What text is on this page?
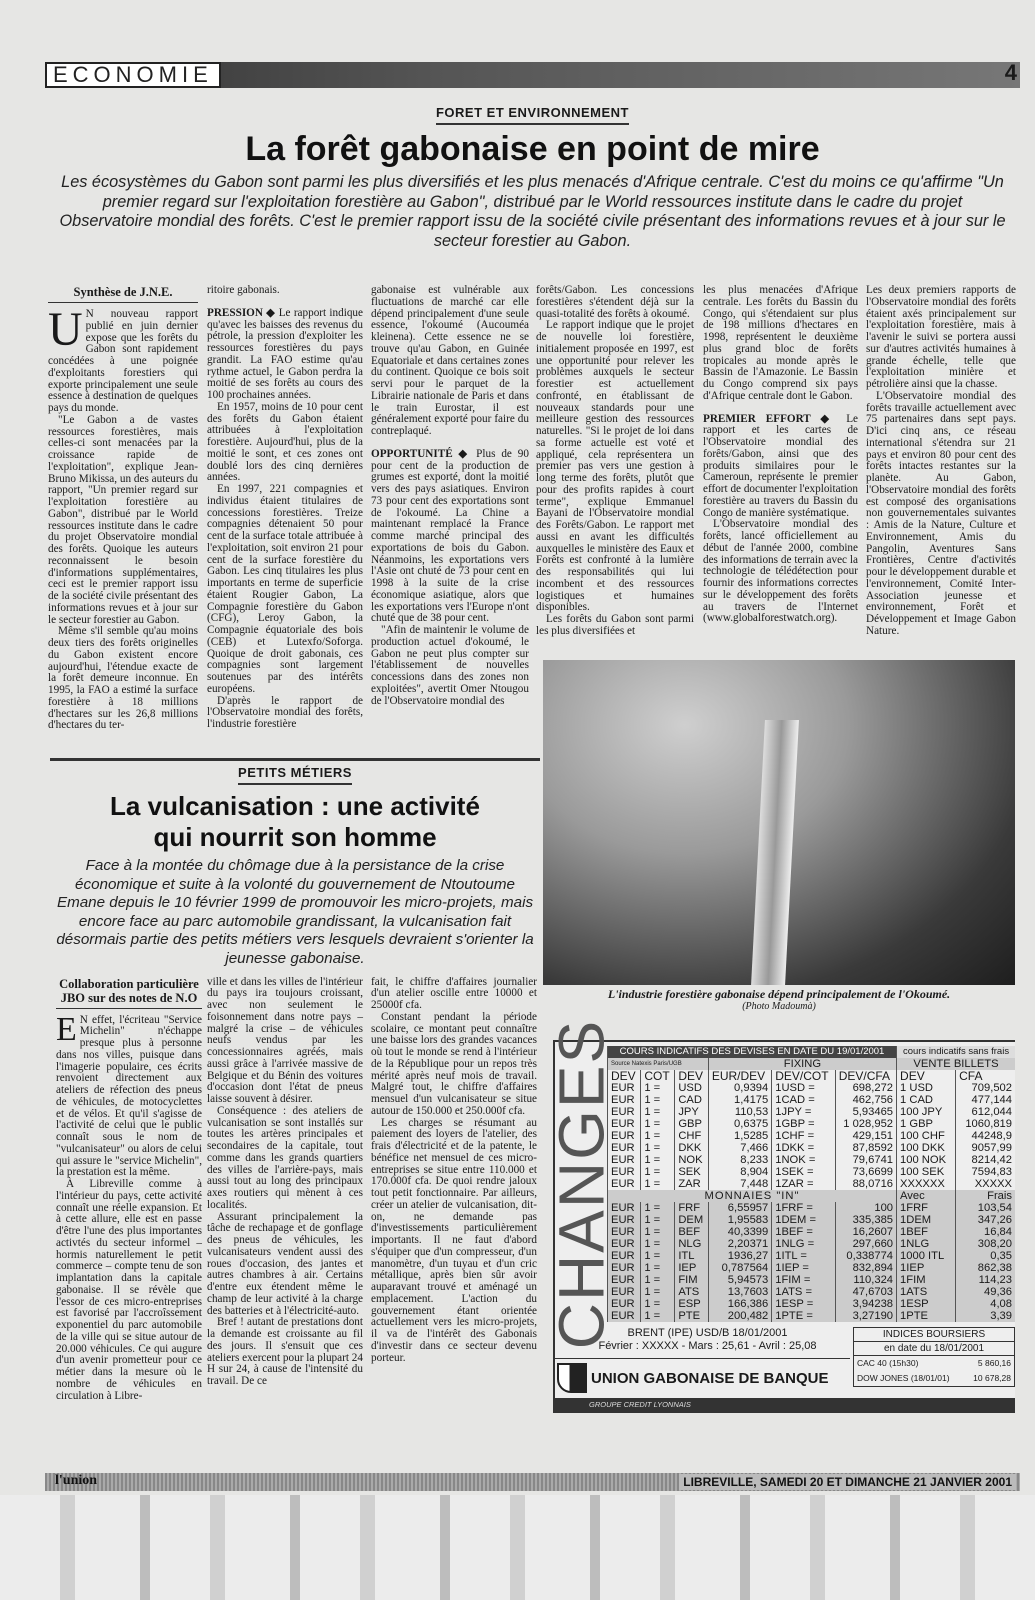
ECONOMIE	4
FORET ET ENVIRONNEMENT
La forêt gabonaise en point de mire
Les écosystèmes du Gabon sont parmi les plus diversifiés et les plus menacés d'Afrique centrale. C'est du moins ce qu'affirme "Un premier regard sur l'exploitation forestière au Gabon", distribué par le World ressources institute dans le cadre du projet Observatoire mondial des forêts. C'est le premier rapport issu de la société civile présentant des informations revues et à jour sur le secteur forestier au Gabon.
Synthèse de J.N.E.

U N nouveau rapport publié en juin dernier expose que les forêts du Gabon sont rapidement concédées à une poignée d'exploitants forestiers qui exporte principalement une seule essence à destination de quelques pays du monde.

"Le Gabon a de vastes ressources forestières, mais celles-ci sont menacées par la croissance rapide de l'exploitation", explique Jean-Bruno Mikissa, un des auteurs du rapport, "Un premier regard sur l'exploitation forestière au Gabon", distribué par le World ressources institute dans le cadre du projet Observatoire mondial des forêts. Quoique les auteurs reconnaissent le besoin d'informations supplémentaires, ceci est le premier rapport issu de la société civile présentant des informations revues et à jour sur le secteur forestier au Gabon.

Même s'il semble qu'au moins deux tiers des forêts originelles du Gabon existent encore aujourd'hui, l'étendue exacte de la forêt demeure inconnue. En 1995, la FAO a estimé la surface forestière à 18 millions d'hectares sur les 26,8 millions d'hectares du ter-

ritoire gabonais.

PRESSION ◆ Le rapport indique qu'avec les baisses des revenus du pétrole, la pression d'exploiter les ressources forestières du pays grandit. La FAO estime qu'au rythme actuel, le Gabon perdra la moitié de ses forêts au cours des 100 prochaines années.

En 1957, moins de 10 pour cent des forêts du Gabon étaient attribuées à l'exploitation forestière. Aujourd'hui, plus de la moitié le sont, et ces zones ont doublé lors des cinq dernières années.

En 1997, 221 compagnies et individus étaient titulaires de concessions forestières. Treize compagnies détenaient 50 pour cent de la surface totale attribuée à l'exploitation, soit environ 21 pour cent de la surface forestière du Gabon. Les cinq titulaires les plus importants en terme de superficie étaient Rougier Gabon, La Compagnie forestière du Gabon (CFG), Leroy Gabon, la Compagnie équatoriale des bois (CEB) et Lutexfo/Soforga. Quoique de droit gabonais, ces compagnies sont largement soutenues par des intérêts européens.

D'après le rapport de l'Observatoire mondial des forêts, l'industrie forestière

gabonaise est vulnérable aux fluctuations de marché car elle dépend principalement d'une seule essence, l'okoumé (Aucouméa kleinena). Cette essence ne se trouve qu'au Gabon, en Guinée Equatoriale et dans certaines zones du continent. Quoique ce bois soit servi pour le parquet de la Librairie nationale de Paris et dans le train Eurostar, il est généralement exporté pour faire du contreplaqué.

OPPORTUNITÉ ◆ Plus de 90 pour cent de la production de grumes est exporté, dont la moitié vers des pays asiatiques. Environ 73 pour cent des exportations sont de l'okoumé. La Chine a maintenant remplacé la France comme marché principal des exportations de bois du Gabon. Néanmoins, les exportations vers l'Asie ont chuté de 73 pour cent en 1998 à la suite de la crise économique asiatique, alors que les exportations vers l'Europe n'ont chuté que de 38 pour cent.

"Afin de maintenir le volume de production actuel d'okoumé, le Gabon ne peut plus compter sur l'établissement de nouvelles concessions dans des zones non exploitées", avertit Omer Ntougou de l'Observatoire mondial des

forêts/Gabon. Les concessions forestières s'étendent déjà sur la quasi-totalité des forêts à okoumé.

Le rapport indique que le projet de nouvelle loi forestière, initialement proposée en 1997, est une opportunité pour relever les problèmes auxquels le secteur forestier est actuellement confronté, en établissant de nouveaux standards pour une meilleure gestion des ressources naturelles. "Si le projet de loi dans sa forme actuelle est voté et appliqué, cela représentera un premier pas vers une gestion à long terme des forêts, plutôt que pour des profits rapides à court terme", explique Emmanuel Bayani de l'Observatoire mondial des Forêts/Gabon. Le rapport met aussi en avant les difficultés auxquelles le ministère des Eaux et Forêts est confronté à la lumière des responsabilités qui lui incombent et des ressources logistiques et humaines disponibles.

Les forêts du Gabon sont parmi les plus diversifiées et

les plus menacées d'Afrique centrale. Les forêts du Bassin du Congo, qui s'étendaient sur plus de 198 millions d'hectares en 1998, représentent le deuxième plus grand bloc de forêts tropicales au monde après le Bassin de l'Amazonie. Le Bassin du Congo comprend six pays d'Afrique centrale dont le Gabon.

PREMIER EFFORT ◆ Le rapport et les cartes de l'Observatoire mondial des forêts/Gabon, ainsi que des produits similaires pour le Cameroun, représente le premier effort de documenter l'exploitation forestière au travers du Bassin du Congo de manière systématique.

L'Observatoire mondial des forêts, lancé officiellement au début de l'année 2000, combine des informations de terrain avec la technologie de télédétection pour fournir des informations correctes sur le développement des forêts au travers de l'Internet (www.globalforestwatch.org).

Les deux premiers rapports de l'Observatoire mondial des forêts étaient axés principalement sur l'exploitation forestière, mais à l'avenir le suivi se portera aussi sur d'autres activités humaines à grande échelle, telle que l'exploitation minière et pétrolière ainsi que la chasse.

L'Observatoire mondial des forêts travaille actuellement avec 75 partenaires dans sept pays. D'ici cinq ans, ce réseau international s'étendra sur 21 pays et environ 80 pour cent des forêts intactes restantes sur la planète. Au Gabon, l'Observatoire mondial des forêts est composé des organisations non gouvernementales suivantes : Amis de la Nature, Culture et Environnement, Amis du Pangolin, Aventures Sans Frontières, Centre d'activités pour le développement durable et l'environnement, Comité Inter-Association jeunesse et environnement, Forêt et Développement et Image Gabon Nature.

L'industrie forestière gabonaise dépend principalement de l'Okoumé.
(Photo Madoumà)
PETITS MÉTIERS
La vulcanisation : une activité
qui nourrit son homme
Face à la montée du chômage due à la persistance de la crise économique et suite à la volonté du gouvernement de Ntoutoume Emane depuis le 10 février 1999 de promouvoir les micro-projets, mais encore face au parc automobile grandissant, la vulcanisation fait désormais partie des petits métiers vers lesquels devraient s'orienter la jeunesse gabonaise.
Collaboration particulière JBO sur des notes de N.O

E N effet, l'écriteau "Service Michelin" n'échappe presque plus à personne dans nos villes, puisque dans l'imagerie populaire, ces écrits renvoient directement aux ateliers de réfection des pneus de véhicules, de motocyclettes et de vélos. Et qu'il s'agisse de l'activité de celui que le public connaît sous le nom de "vulcanisateur" ou alors de celui qui assure le "service Michelin", la prestation est la même.

À Libreville comme à l'intérieur du pays, cette activité connaît une réelle expansion. Et à cette allure, elle est en passe d'être l'une des plus importantes activtés du secteur informel – hormis naturellement le petit commerce – compte tenu de son implantation dans la capitale gabonaise. Il se révèle que l'essor de ces micro-entreprises est favorisé par l'accroîssement exponentiel du parc automobile de la ville qui se situe autour de 20.000 véhicules. Ce qui augure d'un avenir prometteur pour ce métier dans la mesure où le nombre de véhicules en circulation à Libre-

ville et dans les villes de l'intérieur du pays ira toujours croissant, avec non seulement le foisonnement dans notre pays – malgré la crise – de véhicules neufs vendus par les concessionnaires agréés, mais aussi grâce à l'arrivée massive de Belgique et du Bénin des voitures d'occasion dont l'état de pneus laisse souvent à désirer.

Conséquence : des ateliers de vulcanisation se sont installés sur toutes les artères principales et secondaires de la capitale, tout comme dans les grands quartiers des villes de l'arrière-pays, mais aussi tout au long des principaux axes routiers qui mènent à ces localités.

Assurant principalement la tâche de rechapage et de gonflage des pneus de véhicules, les vulcanisateurs vendent aussi des roues d'occasion, des jantes et autres chambres à air. Certains d'entre eux étendent même le champ de leur activité à la charge des batteries et à l'électricité-auto.

Bref ! autant de prestations dont la demande est croissante au fil des jours. Il s'ensuit que ces ateliers exercent pour la plupart 24 H sur 24, à cause de l'intensité du travail. De ce

fait, le chiffre d'affaires journalier d'un atelier oscille entre 10000 et 25000f cfa.

Constant pendant la période scolaire, ce montant peut connaître une baisse lors des grandes vacances où tout le monde se rend à l'intérieur de la République pour un repos très mérité après neuf mois de travail. Malgré tout, le chiffre d'affaires mensuel d'un vulcanisateur se situe autour de 150.000 et 250.000f cfa.

Les charges se résumant au paiement des loyers de l'atelier, des frais d'électricité et de la patente, le bénéfice net mensuel de ces micro-entreprises se situe entre 110.000 et 170.000f cfa. De quoi rendre jaloux tout petit fonctionnaire. Par ailleurs, créer un atelier de vulcanisation, dit-on, ne demande pas d'investissements particulièrement importants. Il ne faut d'abord s'équiper que d'un compresseur, d'un manomètre, d'un tuyau et d'un cric métallique, après bien sûr avoir auparavant trouvé et aménagé un emplacement. L'action du gouvernement étant orientée actuellement vers les micro-projets, il va de l'intérêt des Gabonais d'investir dans ce secteur devenu porteur.

CHANGES COURS INDICATIFS DES DEVISES EN DATE DU 19/01/2001						cours indicatifs sans frais	
Source Natexis Paris/UGB			FIXING			VENTE BILLETS	
DEV	COT	DEV	EUR/DEV	DEV/COT	DEV/CFA	DEV	CFA
EUR	1 =	USD	0,9394	1USD =	698,272	1 USD	709,502
EUR	1 =	CAD	1,4175	1CAD =	462,756	1 CAD	477,144
EUR	1 =	JPY	110,53	1JPY =	5,93465	100 JPY	612,044
EUR	1 =	GBP	0,6375	1GBP =	1 028,952	1 GBP	1060,819
EUR	1 =	CHF	1,5285	1CHF =	429,151	100 CHF	44248,9
EUR	1 =	DKK	7,466	1DKK =	87,8592	100 DKK	9057,99
EUR	1 =	NOK	8,233	1NOK =	79,6741	100 NOK	8214,42
EUR	1 =	SEK	8,904	1SEK =	73,6699	100 SEK	7594,83
EUR	1 =	ZAR	7,448	1ZAR =	88,0716	XXXXXX	XXXXX
MONNAIES "IN"						Avec	Frais
EUR	1 =	FRF	6,55957	1FRF =	100	1FRF	103,54
EUR	1 =	DEM	1,95583	1DEM =	335,385	1DEM	347,26
EUR	1 =	BEF	40,3399	1BEF =	16,2607	1BEF	16,84
EUR	1 =	NLG	2,20371	1NLG =	297,660	1NLG	308,20
EUR	1 =	ITL	1936,27	1ITL =	0,338774	1000 ITL	0,35
EUR	1 =	IEP	0,787564	1IEP =	832,894	1IEP	862,38
EUR	1 =	FIM	5,94573	1FIM =	110,324	1FIM	114,23
EUR	1 =	ATS	13,7603	1ATS =	47,6703	1ATS	49,36
EUR	1 =	ESP	166,386	1ESP =	3,94238	1ESP	4,08
EUR	1 =	PTE	200,482	1PTE =	3,27190	1PTE	3,39
BRENT (IPE) USD/B 18/01/2001
Février : XXXXX - Mars : 25,61 - Avril : 25,08
UNION GABONAISE DE BANQUE
INDICES BOURSIERS
en date du 18/01/2001
CAC 40 (15h30)	5 860,16
DOW JONES (18/01/01)	10 678,28
GROUPE CREDIT LYONNAIS
l'union	LIBREVILLE, SAMEDI 20 ET DIMANCHE 21 JANVIER 2001
